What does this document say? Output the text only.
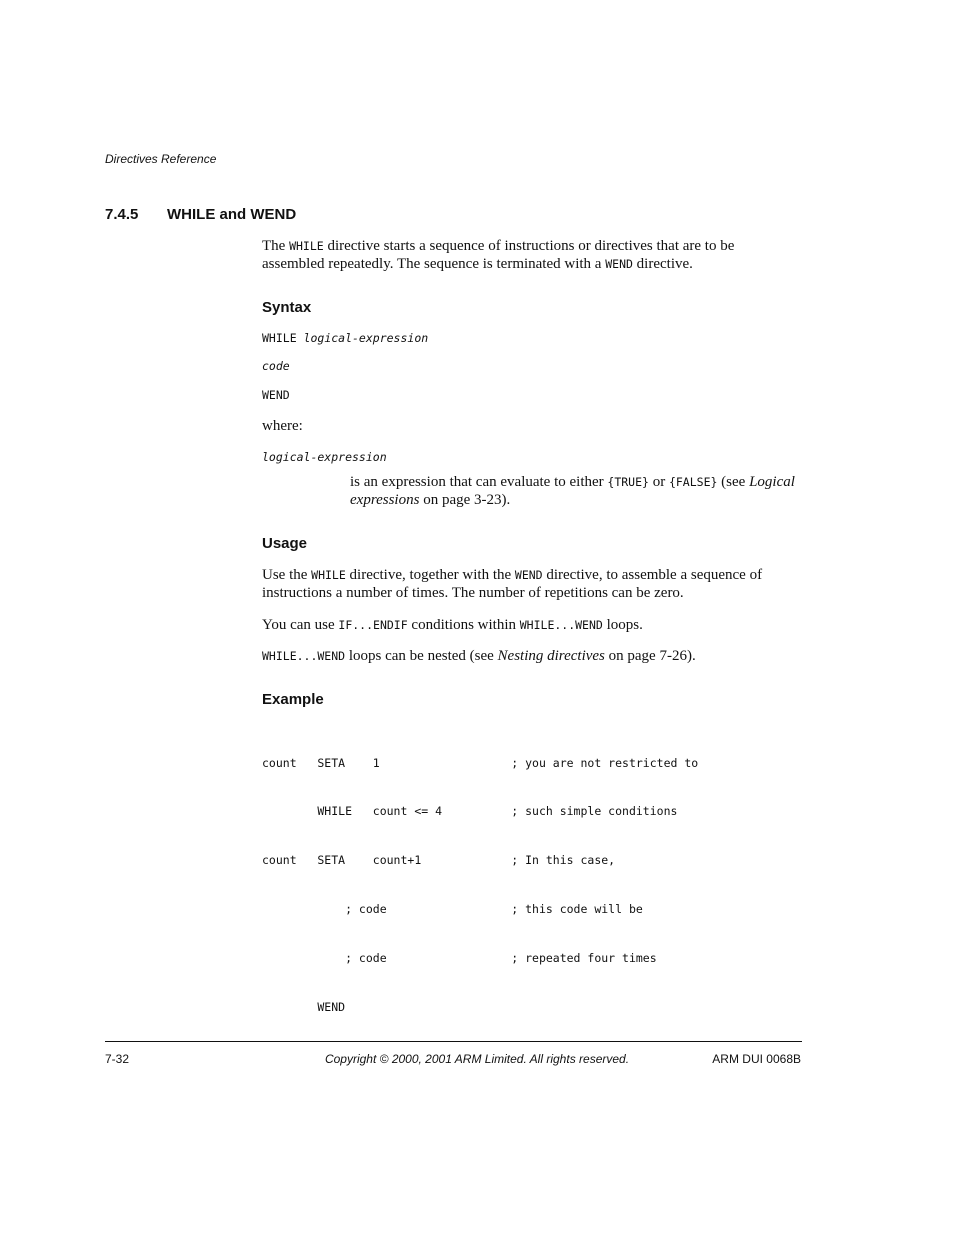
Directives Reference
7.4.5 WHILE and WEND
The WHILE directive starts a sequence of instructions or directives that are to be
assembled repeatedly. The sequence is terminated with a WEND directive.
Syntax
WHILE logical-expression
code
WEND
where:
logical-expression
is an expression that can evaluate to either {TRUE} or {FALSE} (see Logical
expressions on page 3-23).
Usage
Use the WHILE directive, together with the WEND directive, to assemble a sequence of
instructions a number of times. The number of repetitions can be zero.
You can use IF...ENDIF conditions within WHILE...WEND loops.
WHILE...WEND loops can be nested (see Nesting directives on page 7-26).
Example

count   SETA    1                   ; you are not restricted to

WHILE   count <= 4          ; such simple conditions

count   SETA    count+1             ; In this case,

; code                  ; this code will be

; code                  ; repeated four times

WEND

7-32	Copyright © 2000, 2001 ARM Limited. All rights reserved.	ARM DUI 0068B
